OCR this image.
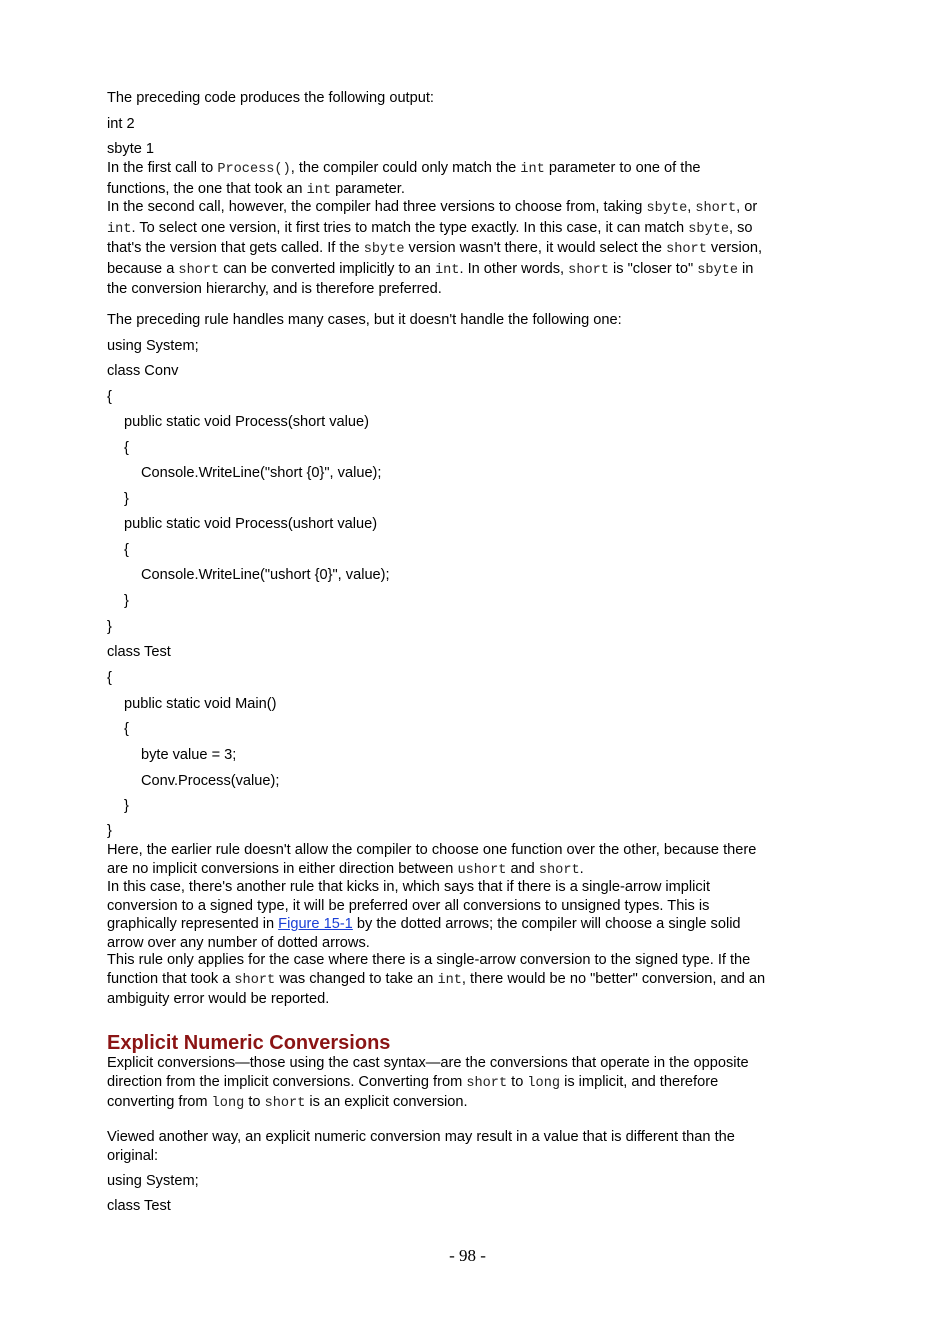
The preceding code produces the following output:
int 2
sbyte 1
In the first call to Process(), the compiler could only match the int parameter to one of the
functions, the one that took an int parameter.
In the second call, however, the compiler had three versions to choose from, taking sbyte, short, or
int. To select one version, it first tries to match the type exactly. In this case, it can match sbyte, so
that's the version that gets called. If the sbyte version wasn't there, it would select the short version,
because a short can be converted implicitly to an int. In other words, short is "closer to" sbyte in
the conversion hierarchy, and is therefore preferred.
The preceding rule handles many cases, but it doesn't handle the following one:
using System;
class Conv
{
public static void Process(short value)
{
Console.WriteLine("short {0}", value);
}
public static void Process(ushort value)
{
Console.WriteLine("ushort {0}", value);
}
}
class Test
{
public static void Main()
{
byte value = 3;
Conv.Process(value);
}
}
Here, the earlier rule doesn't allow the compiler to choose one function over the other, because there
are no implicit conversions in either direction between ushort and short.
In this case, there's another rule that kicks in, which says that if there is a single-arrow implicit
conversion to a signed type, it will be preferred over all conversions to unsigned types. This is
graphically represented in Figure 15-1 by the dotted arrows; the compiler will choose a single solid
arrow over any number of dotted arrows.
This rule only applies for the case where there is a single-arrow conversion to the signed type. If the
function that took a short was changed to take an int, there would be no "better" conversion, and an
ambiguity error would be reported.
Explicit Numeric Conversions
Explicit conversions—those using the cast syntax—are the conversions that operate in the opposite
direction from the implicit conversions. Converting from short to long is implicit, and therefore
converting from long to short is an explicit conversion.
Viewed another way, an explicit numeric conversion may result in a value that is different than the
original:
using System;
class Test
- 98 -
